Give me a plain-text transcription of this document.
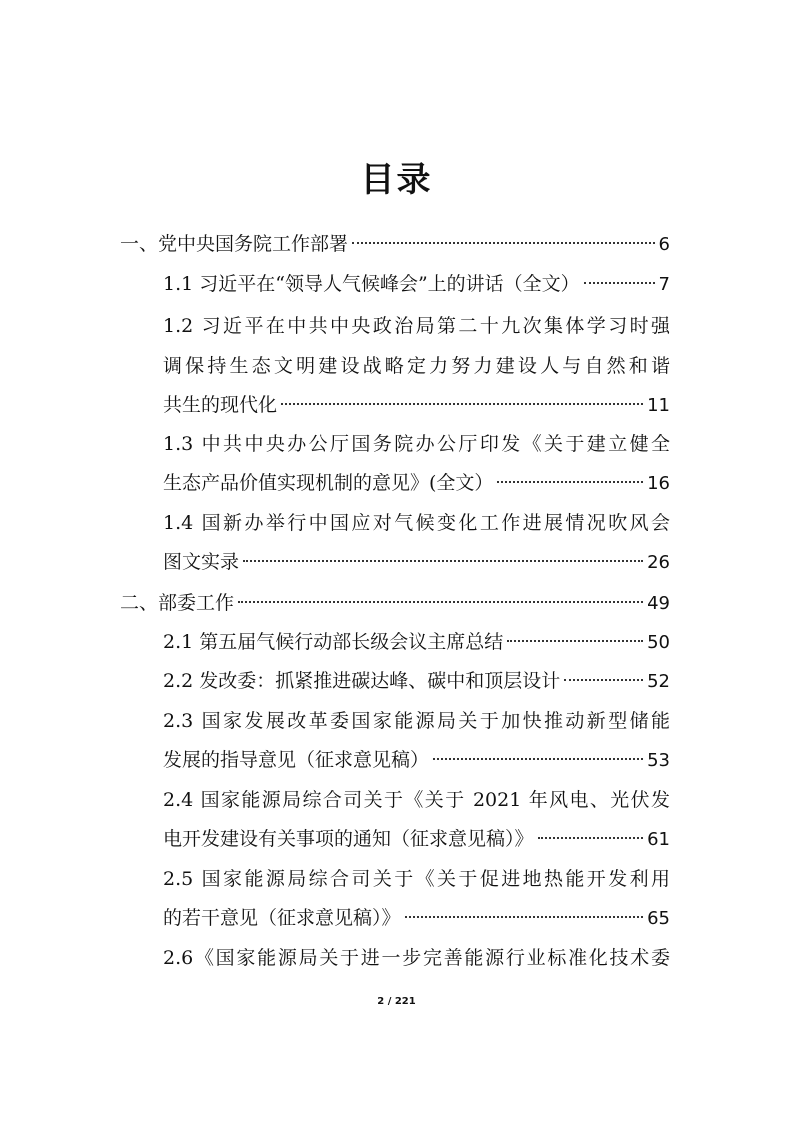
目录
一、党中央国务院工作部署	6
1.1 习近平在“领导人气候峰会”上的讲话（全文）	7
1.2 习近平在中共中央政治局第二十九次集体学习时强
调保持生态文明建设战略定力努力建设人与自然和谐
共生的现代化	11
1.3 中共中央办公厅国务院办公厅印发《关于建立健全
生态产品价值实现机制的意见》(全文）	16
1.4 国新办举行中国应对气候变化工作进展情况吹风会
图文实录	26
二、部委工作	49
2.1 第五届气候行动部长级会议主席总结	50
2.2 发改委：抓紧推进碳达峰、碳中和顶层设计	52
2.3 国家发展改革委国家能源局关于加快推动新型储能
发展的指导意见（征求意见稿）	53
2.4 国家能源局综合司关于《关于 2021 年风电、光伏发
电开发建设有关事项的通知（征求意见稿）》	61
2.5 国家能源局综合司关于《关于促进地热能开发利用
的若干意见（征求意见稿）》	65
2.6《国家能源局关于进一步完善能源行业标准化技术委
2 / 221
